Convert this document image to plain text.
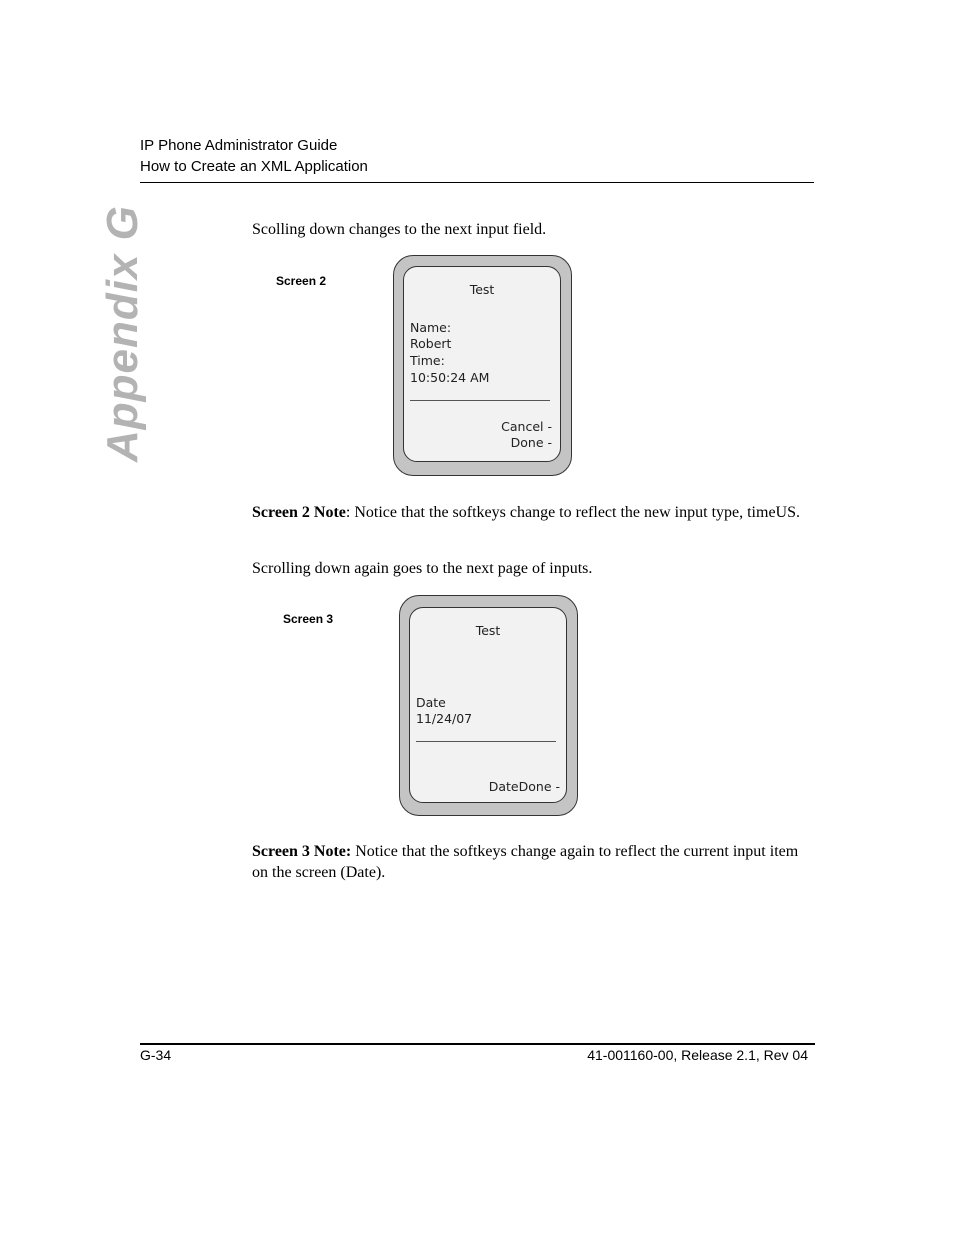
IP Phone Administrator Guide
How to Create an XML Application
Appendix G	Scolling down changes to the next input field.
Screen 2
Test
Name:
Robert
Time:
10:50:24 AM
Cancel -
Done -
Screen 2 Note: Notice that the softkeys change to reflect the new input type, timeUS.
Scrolling down again goes to the next page of inputs.
Screen 3
Test
Date
11/24/07
DateDone -
Screen 3 Note: Notice that the softkeys change again to reflect the current input item on the screen (Date).
G-34	41-001160-00, Release 2.1, Rev 04
